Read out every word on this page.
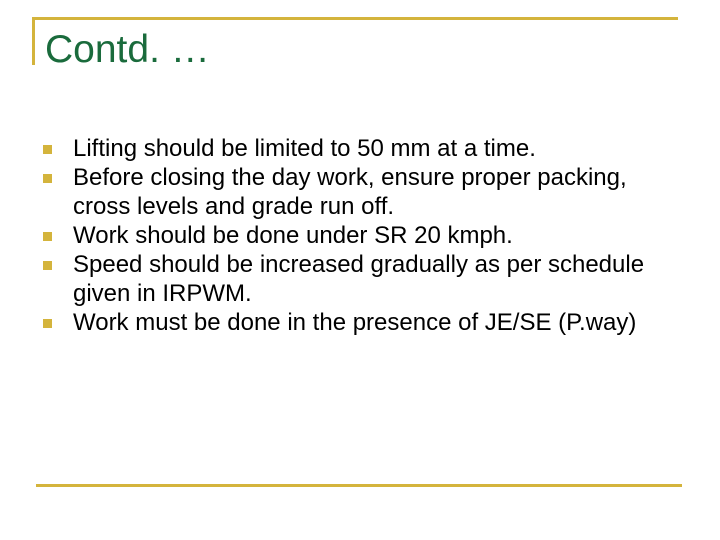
Contd. …
Lifting should be limited to 50 mm at a time.
Before closing the day work, ensure proper packing, cross levels and grade run off.
Work should be done under SR 20 kmph.
Speed should be increased gradually as per schedule given in IRPWM.
Work must be done in the presence of JE/SE (P.way)
